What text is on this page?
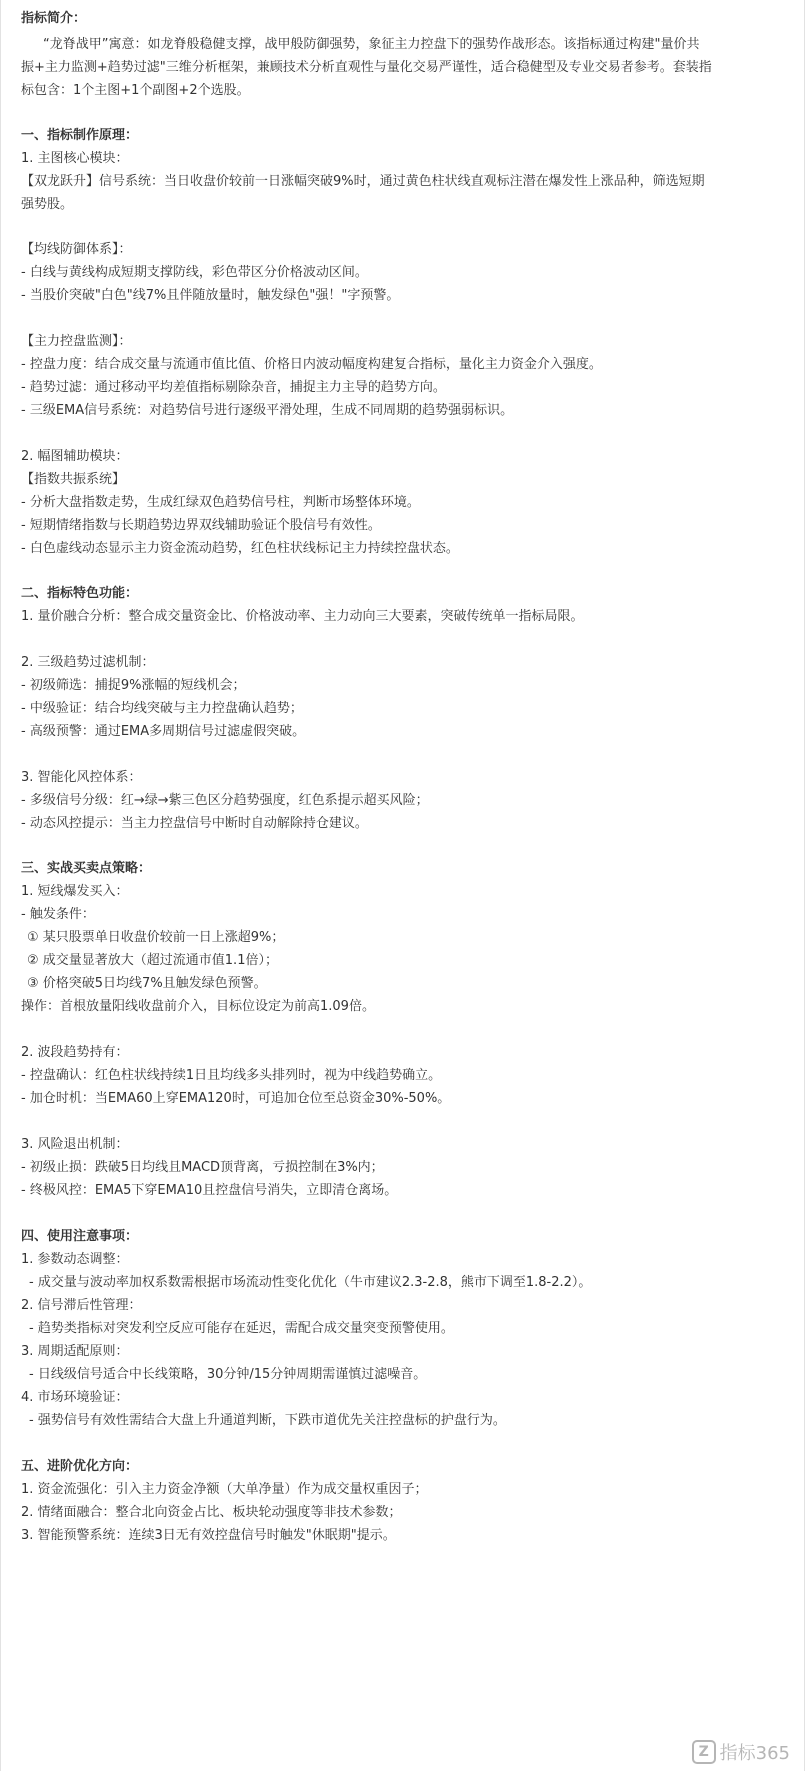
指标简介：
“龙脊战甲”寓意：如龙脊般稳健支撑，战甲般防御强势，象征主力控盘下的强势作战形态。该指标通过构建"量价共
振+主力监测+趋势过滤"三维分析框架，兼顾技术分析直观性与量化交易严谨性，适合稳健型及专业交易者参考。套装指
标包含：1个主图+1个副图+2个选股。
一、指标制作原理：
1. 主图核心模块：
【双龙跃升】信号系统：当日收盘价较前一日涨幅突破9%时，通过黄色柱状线直观标注潜在爆发性上涨品种，筛选短期
强势股。
【均线防御体系】：
- 白线与黄线构成短期支撑防线，彩色带区分价格波动区间。
- 当股价突破"白色"线7%且伴随放量时，触发绿色"强！"字预警。
【主力控盘监测】：
- 控盘力度：结合成交量与流通市值比值、价格日内波动幅度构建复合指标，量化主力资金介入强度。
- 趋势过滤：通过移动平均差值指标剔除杂音，捕捉主力主导的趋势方向。
- 三级EMA信号系统：对趋势信号进行逐级平滑处理，生成不同周期的趋势强弱标识。
2. 幅图辅助模块：
【指数共振系统】
- 分析大盘指数走势，生成红绿双色趋势信号柱，判断市场整体环境。
- 短期情绪指数与长期趋势边界双线辅助验证个股信号有效性。
- 白色虚线动态显示主力资金流动趋势，红色柱状线标记主力持续控盘状态。
二、指标特色功能：
1. 量价融合分析：整合成交量资金比、价格波动率、主力动向三大要素，突破传统单一指标局限。
2. 三级趋势过滤机制：
- 初级筛选：捕捉9%涨幅的短线机会；
- 中级验证：结合均线突破与主力控盘确认趋势；
- 高级预警：通过EMA多周期信号过滤虚假突破。
3. 智能化风控体系：
- 多级信号分级：红→绿→紫三色区分趋势强度，红色系提示超买风险；
- 动态风控提示：当主力控盘信号中断时自动解除持仓建议。
三、实战买卖点策略：
1. 短线爆发买入：
- 触发条件：
① 某只股票单日收盘价较前一日上涨超9%；
② 成交量显著放大（超过流通市值1.1倍）；
③ 价格突破5日均线7%且触发绿色预警。
操作：首根放量阳线收盘前介入，目标位设定为前高1.09倍。
2. 波段趋势持有：
- 控盘确认：红色柱状线持续1日且均线多头排列时，视为中线趋势确立。
- 加仓时机：当EMA60上穿EMA120时，可追加仓位至总资金30%-50%。
3. 风险退出机制：
- 初级止损：跌破5日均线且MACD顶背离，亏损控制在3%内；
- 终极风控：EMA5下穿EMA10且控盘信号消失，立即清仓离场。
四、使用注意事项：
1. 参数动态调整：
- 成交量与波动率加权系数需根据市场流动性变化优化（牛市建议2.3-2.8，熊市下调至1.8-2.2）。
2. 信号滞后性管理：
- 趋势类指标对突发利空反应可能存在延迟，需配合成交量突变预警使用。
3. 周期适配原则：
- 日线级信号适合中长线策略，30分钟/15分钟周期需谨慎过滤噪音。
4. 市场环境验证：
- 强势信号有效性需结合大盘上升通道判断，下跌市道优先关注控盘标的护盘行为。
五、进阶优化方向：
1. 资金流强化：引入主力资金净额（大单净量）作为成交量权重因子；
2. 情绪面融合：整合北向资金占比、板块轮动强度等非技术参数；
3. 智能预警系统：连续3日无有效控盘信号时触发"休眠期"提示。
Z 指标365
